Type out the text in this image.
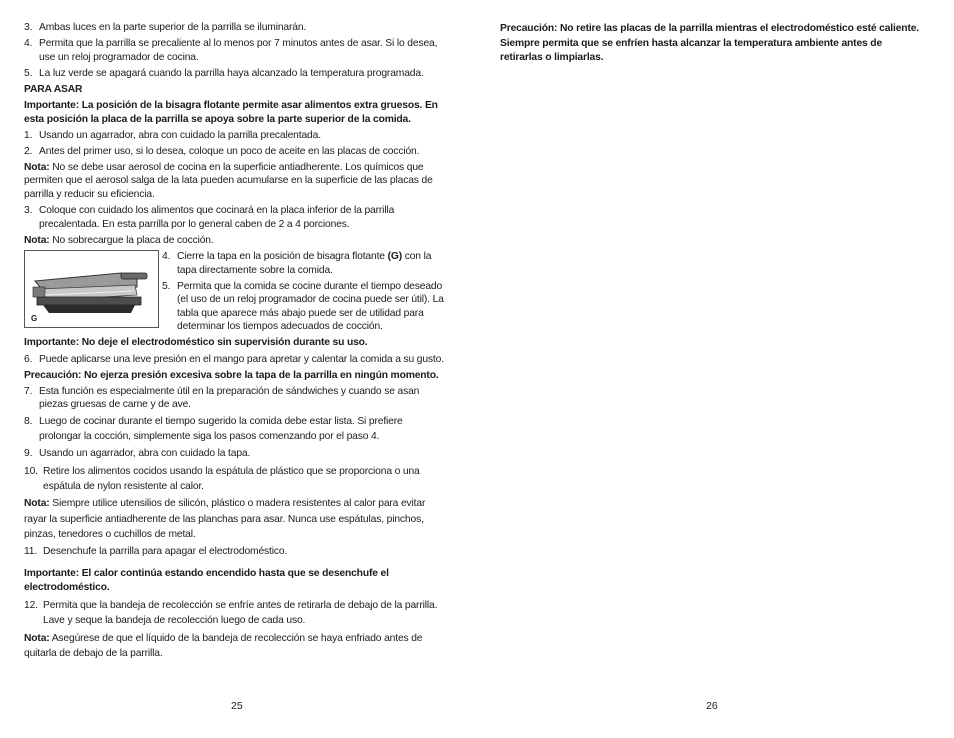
3. Ambas luces en la parte superior de la parrilla se iluminarán.
4. Permita que la parrilla se precaliente al lo menos por 7 minutos antes de asar. Si lo desea, use un reloj programador de cocina.
5. La luz verde se apagará cuando la parrilla haya alcanzado la temperatura programada.
PARA ASAR
Importante: La posición de la bisagra flotante permite asar alimentos extra gruesos. En esta posición la placa de la parrilla se apoya sobre la parte superior de la comida.
1. Usando un agarrador, abra con cuidado la parrilla precalentada.
2. Antes del primer uso, si lo desea, coloque un poco de aceite en las placas de cocción.
Nota: No se debe usar aerosol de cocina en la superficie antiadherente. Los químicos que permiten que el aerosol salga de la lata pueden acumularse en la superficie de las placas de parrilla y reducir su eficiencia.
3. Coloque con cuidado los alimentos que cocinará en la placa inferior de la parrilla precalentada. En esta parrilla por lo general caben de 2 a 4 porciones.
Nota: No sobrecargue la placa de cocción.
G
4. Cierre la tapa en la posición de bisagra flotante (G) con la tapa directamente sobre la comida.
5. Permita que la comida se cocine durante el tiempo deseado (el uso de un reloj programador de cocina puede ser útil). La tabla que aparece más abajo puede ser de utilidad para determinar los tiempos adecuados de cocción.
Importante: No deje el electrodoméstico sin supervisión durante su uso.
6. Puede aplicarse una leve presión en el mango para apretar y calentar la comida a su gusto.
Precaución: No ejerza presión excesiva sobre la tapa de la parrilla en ningún momento.
7. Esta función es especialmente útil en la preparación de sándwiches y cuando se asan piezas gruesas de carne y de ave.
8. Luego de cocinar durante el tiempo sugerido la comida debe estar lista. Si prefiere prolongar la cocción, simplemente siga los pasos comenzando por el paso 4.
9. Usando un agarrador, abra con cuidado la tapa.
10. Retire los alimentos cocidos usando la espátula de plástico que se proporciona o una espátula de nylon resistente al calor.
Nota: Siempre utilice utensilios de silicón, plástico o madera resistentes al calor para evitar rayar la superficie antiadherente de las planchas para asar. Nunca use espátulas, pinchos, pinzas, tenedores o cuchillos de metal.
11. Desenchufe la parrilla para apagar el electrodoméstico.
Importante: El calor continúa estando encendido hasta que se desenchufe el electrodoméstico.
12. Permita que la bandeja de recolección se enfríe antes de retirarla de debajo de la parrilla. Lave y seque la bandeja de recolección luego de cada uso.
Nota: Asegúrese de que el líquido de la bandeja de recolección se haya enfriado antes de quitarla de debajo de la parrilla.
Precaución: No retire las placas de la parrilla mientras el electrodoméstico esté caliente. Siempre permita que se enfríen hasta alcanzar la temperatura ambiente antes de retirarlas o limpiarlas.
25	26
